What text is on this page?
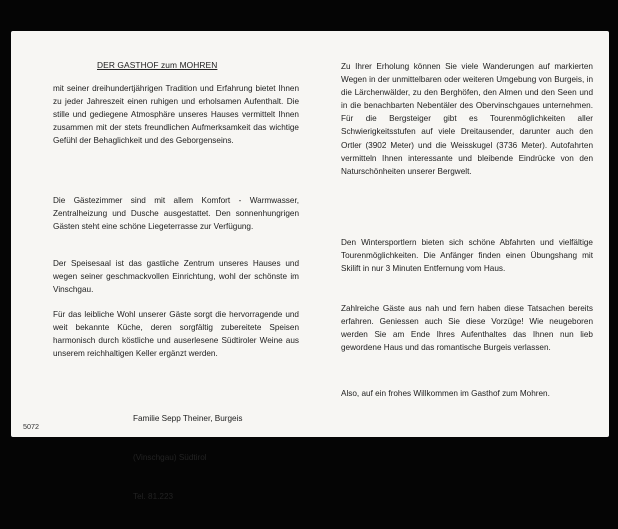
DER GASTHOF zum MOHREN

mit seiner dreihundertjährigen Tradition und Erfahrung bietet Ihnen zu jeder Jahreszeit einen ruhigen und erholsamen Aufenthalt. Die stille und gediegene Atmosphäre unseres Hauses vermittelt Ihnen zusammen mit der stets freundlichen Aufmerksamkeit das wichtige Gefühl der Behaglichkeit und des Geborgenseins.

Die Gästezimmer sind mit allem Komfort - Warmwasser, Zentralheizung und Dusche ausgestattet. Den sonnenhungrigen Gästen steht eine schöne Liegeterrasse zur Verfügung.

Der Speisesaal ist das gastliche Zentrum unseres Hauses und wegen seiner geschmackvollen Einrichtung, wohl der schönste im Vinschgau.

Für das leibliche Wohl unserer Gäste sorgt die hervorragende und weit bekannte Küche, deren sorgfältig zubereitete Speisen harmonisch durch köstliche und auserlesene Südtiroler Weine aus unserem reichhaltigen Keller ergänzt werden.

Familie Sepp Theiner, Burgeis

(Vinschgau) Südtirol

Tel. 81.223

Zu Ihrer Erholung können Sie viele Wanderungen auf markierten Wegen in der unmittelbaren oder weiteren Umgebung von Burgeis, in die Lärchenwälder, zu den Berghöfen, den Almen und den Seen und in die benachbarten Nebentäler des Obervinschgaues unternehmen. Für die Bergsteiger gibt es Tourenmöglichkeiten aller Schwierigkeitsstufen auf viele Dreitausender, darunter auch den Ortler (3902 Meter) und die Weisskugel (3736 Meter). Autofahrten vermitteln Ihnen interessante und bleibende Eindrücke von den Naturschönheiten unserer Bergwelt.

Den Wintersportlern bieten sich schöne Abfahrten und vielfältige Tourenmöglichkeiten. Die Anfänger finden einen Übungshang mit Skilift in nur 3 Minuten Entfernung vom Haus.

Zahlreiche Gäste aus nah und fern haben diese Tatsachen bereits erfahren. Geniessen auch Sie diese Vorzüge! Wie neugeboren werden Sie am Ende Ihres Aufenthaltes das Ihnen nun lieb gewordene Haus und das romantische Burgeis verlassen.

Also, auf ein frohes Willkommen im Gasthof zum Mohren.

5072
